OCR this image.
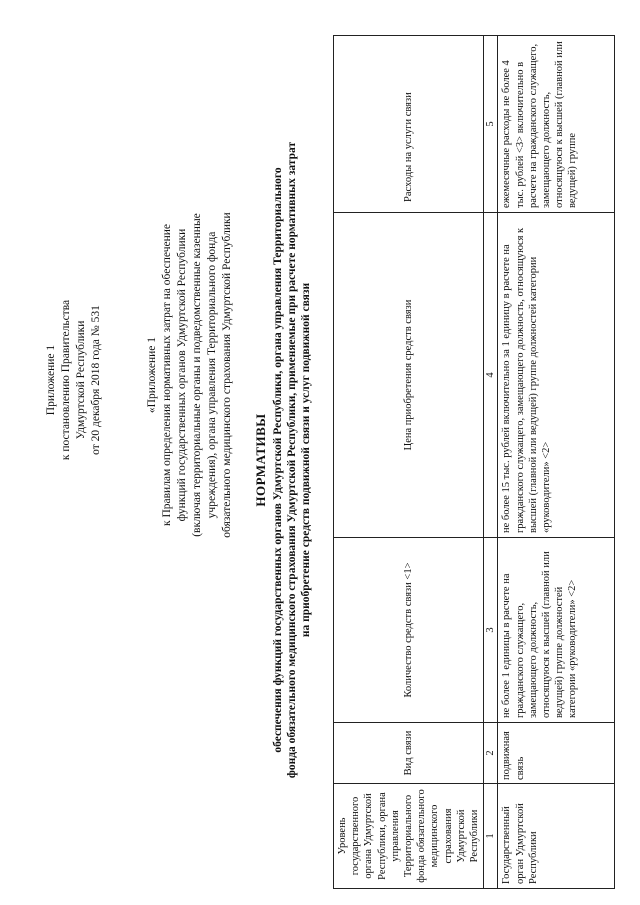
Приложение 1 к постановлению Правительства Удмуртской Республики от 20 декабря 2018 года № 531	«Приложение 1 к Правилам определения нормативных затрат на обеспечение функций государственных органов Удмуртской Республики (включая территориальные органы и подведомственные казенные учреждения), органа управления Территориального фонда обязательного медицинского страхования Удмуртской Республики НОРМАТИВЫ обеспечения функций государственных органов Удмуртской Республики, органа управления Территориального фонда обязательного медицинского страхования Удмуртской Республики, применяемые при расчете нормативных затрат на приобретение средств подвижной связи и услуг подвижной связи
Уровень государственного органа Удмуртской Республики, органа управления Территориального фонда обязательного медицинского страхования Удмуртской Республики	Вид связи	Количество средств связи <1>	Цена приобретения средств связи	Расходы на услуги связи
1	2	3	4	5
Государственный орган Удмуртской Республики	подвижная связь	не более 1 единицы в расчете на гражданского служащего, замещающего должность, относящуюся к высшей (главной или ведущей) группе должностей категории «руководители» <2>	не более 15 тыс. рублей включительно за 1 единицу в расчете на гражданского служащего, замещающего должность, относящуюся к высшей (главной или ведущей) группе должностей категории «руководители» <2>	ежемесячные расходы не более 4 тыс. рублей <3> включительно в расчете на гражданского служащего, замещающего должность, относящуюся к высшей (главной или ведущей) группе
